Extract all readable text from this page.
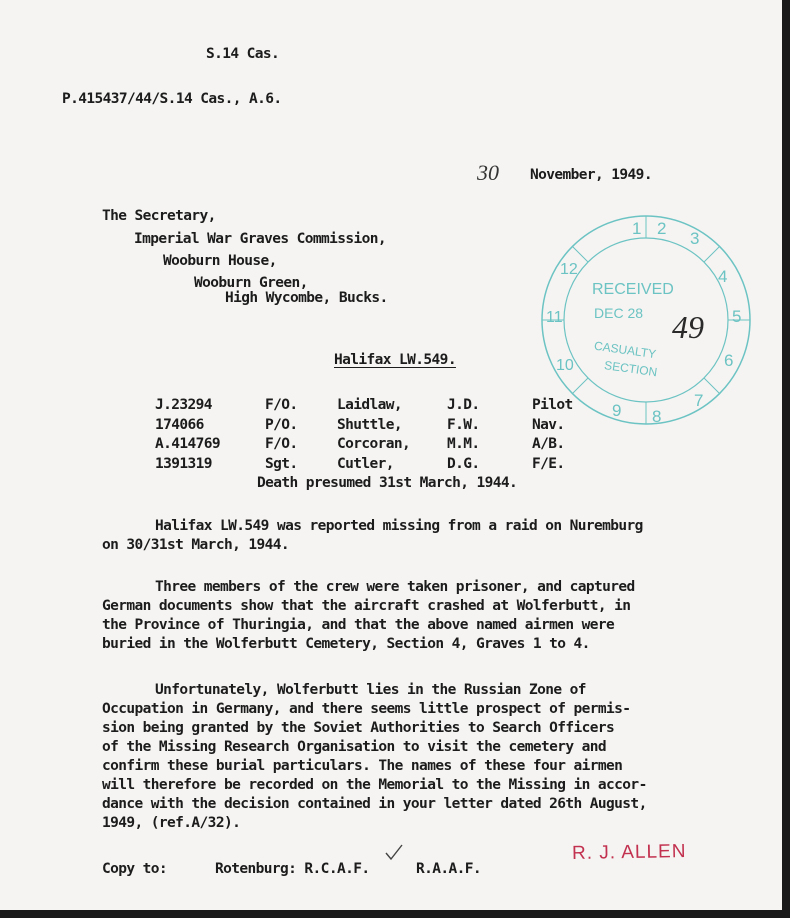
S.14 Cas.
P.415437/44/S.14 Cas., A.6.
30 November, 1949.
The Secretary,
Imperial War Graves Commission,
Wooburn House,
Wooburn Green,
High Wycombe, Bucks.
1 2
3
4
5
6
7
8
9
10
11
12
RECEIVED
DEC 28
CASUALTY
SECTION
49
Halifax LW.549.
J.23294	F/O.	Laidlaw,	J.D.	Pilot
174066	P/O.	Shuttle,	F.W.	Nav.
A.414769	F/O.	Corcoran,	M.M.	A/B.
1391319	Sgt.	Cutler,	D.G.	F/E.
Death presumed 31st March, 1944.

Halifax LW.549 was reported missing from a raid on Nuremburg

on 30/31st March, 1944.

Three members of the crew were taken prisoner, and captured

German documents show that the aircraft crashed at Wolferbutt, in

the Province of Thuringia, and that the above named airmen were

buried in the Wolferbutt Cemetery, Section 4, Graves 1 to 4.

Unfortunately, Wolferbutt lies in the Russian Zone of

Occupation in Germany, and there seems little prospect of permis-

sion being granted by the Soviet Authorities to Search Officers

of the Missing Research Organisation to visit the cemetery and

confirm these burial particulars. The names of these four airmen

will therefore be recorded on the Memorial to the Missing in accor-

dance with the decision contained in your letter dated 26th August,

1949, (ref.A/32).

Copy to:	Rotenburg: R.C.A.F.	R.A.A.F.
R. J. ALLEN
